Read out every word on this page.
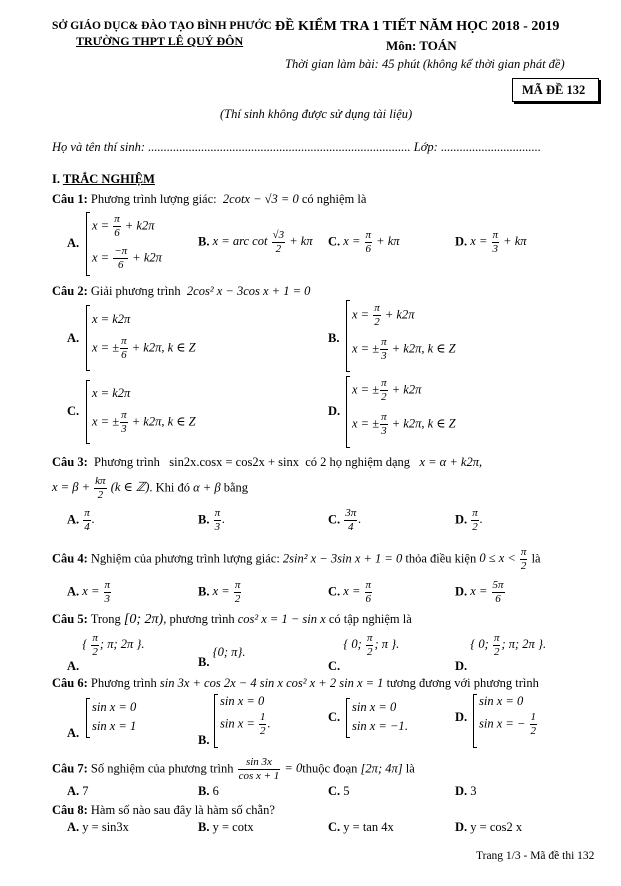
SỞ GIÁO DỤC& ĐÀO TẠO BÌNH PHƯỚC
TRƯỜNG THPT LÊ QUÝ ĐÔN
ĐỀ KIỂM TRA 1 TIẾT NĂM HỌC 2018 - 2019
Môn: TOÁN
Thời gian làm bài: 45 phút (không kể thời gian phát đề)
MÃ ĐỀ 132
(Thí sinh không được sử dụng tài liệu)
Họ và tên thí sinh: .................................................................................... Lớp: ................................
I. TRẮC NGHIỆM
Câu 1: Phương trình lượng giác:  2cotx − √3 = 0 có nghiệm là
A.
$x = \frac{\pi}{6} + k2\pi$
$x = \frac{-\pi}{6} + k2\pi$
B. x = arc $\cot \frac{√3}{2} + k\pi$ C. $x = \frac{\pi}{6} + k\pi$	D. $x = \frac{\pi}{3} + k\pi$
Câu 2: Giải phương trình  2cos² x − 3cos x + 1 = 0
A.
x = k2π
x = ± $\frac{\pi}{6} + k2\pi$, k ∈ Z
B.
$x = \frac{\pi}{2} + k2\pi$
x = ± $\frac{\pi}{3} + k2\pi$, k ∈ Z
C.
x = k2π
x = ± $\frac{\pi}{3} + k2\pi$, k ∈ Z
D.
x = ± $\frac{\pi}{2} + k2\pi$
x = ± $\frac{\pi}{3} + k2\pi$, k ∈ Z
Câu 3: Phương trình sin2x.cosx = cos2x + sinx có 2 họ nghiệm dạng x = α + k2π,
$x = \beta + \frac{k\pi}{2} (k$ ∈ ℤ). Khi đó α + β bằng
A. $\frac{\pi}{4}$ .	B. $\frac{\pi}{3}$ .	C. $\frac{3\pi}{4}$ .	D. $\frac{\pi}{2}$ .
Câu 4: Nghiệm của phương trình lượng giác: 2sin² x − 3sin x + 1 = 0 thỏa điều kiện $0 \le x < \frac{\pi}{2}$ là
A. $x = \frac{\pi}{3}$	B. $x = \frac{\pi}{2}$	C. $x = \frac{\pi}{6}$	D. $x = \frac{5\pi}{6}$
Câu 5: Trong [0; 2π), phương trình cos² x = 1 − sin x có tập nghiệm là
A. { $\frac{\pi}{2}$ ; π; 2π }.
B. {0; π}.
C. { 0; $\frac{\pi}{2}$ ; π }.
D. { 0; $\frac{\pi}{2}$ ; π; 2π }.
Câu 6: Phương trình sin 3x + cos 2x − 4 sin x cos² x + 2 sin x = 1 tương đương với phương trình
A.
sin x = 0
sin x = 1
B.
sin x = 0
$\sin x = \frac{1}{2}$ .	C.
sin x = 0
sin x = −1.
D.
sin x = 0
sin x = − $\frac{1}{2}$
Câu 7: Số nghiệm của phương trình $\frac{\sin 3x}{\text{cos x + 1}}$ = 0thuộc đoạn [2π; 4π] là
A. 7	B. 6	C. 5	D. 3
Câu 8: Hàm số nào sau đây là hàm số chẵn?
A. y = sin3x	B. y = cotx	C. y = tan 4x	D. y = cos2 x
Trang 1/3 - Mã đề thi 132
